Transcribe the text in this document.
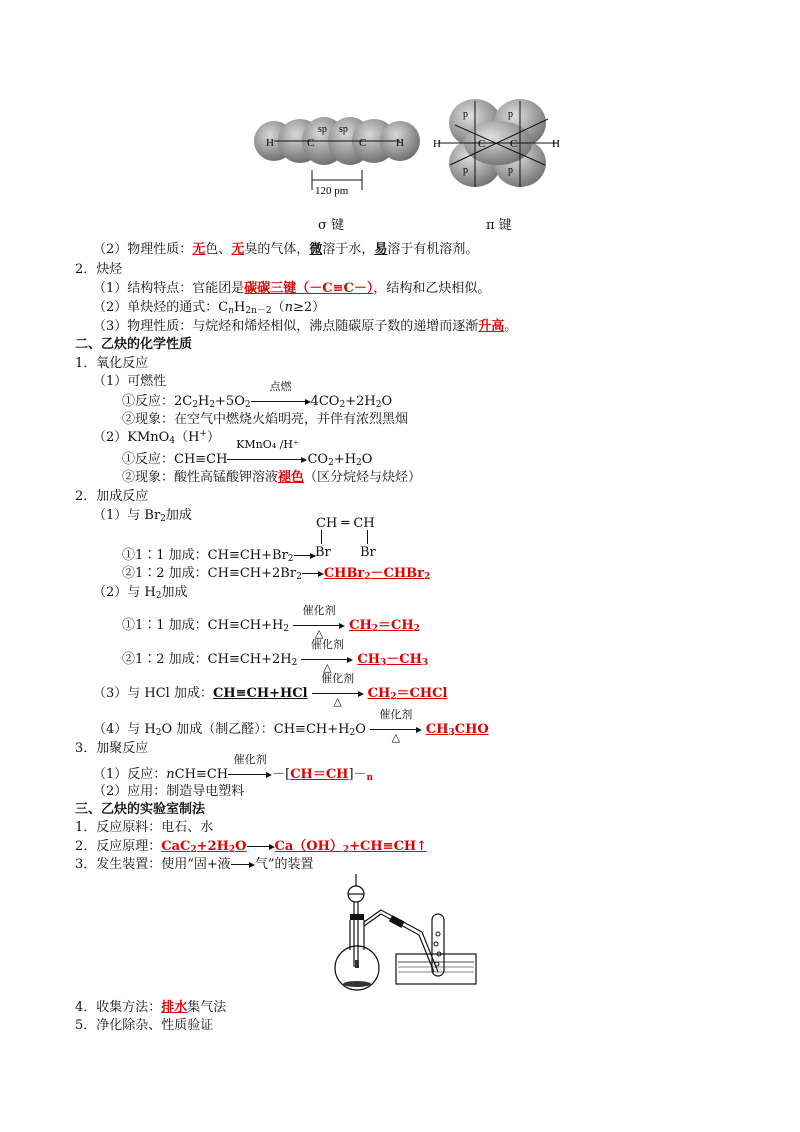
H	C	C	H
sp sp
120 pm
H	C C	H
p	p
p	p
σ 键	π 键
（2）物理性质：无色、无臭的气体，微溶于水，易溶于有机溶剂。
2．炔烃
（1）结构特点：官能团是碳碳三键（－C≡C－），结构和乙炔相似。
（2）单炔烃的通式：$C_nH_{2n-2}(n\ge 2)$
（3）物理性质：与烷烃和烯烃相似，沸点随碳原子数的递增而逐渐升高。
二、乙炔的化学性质
1．氧化反应
（1）可燃性
①反应：$2C_2H_2+5O_2$
点燃
$4CO_2+2H_2O$
②现象：在空气中燃烧火焰明亮，并伴有浓烈黑烟
（2）KMnO$_4$（H+）
①反应：CH≡CH
KMnO₄ /H⁺
$CO_2+H_2O$
②现象：酸性高锰酸钾溶液褪色（区分烷烃与炔烃）
2．加成反应
（1）与 $Br_2$加成
CH ═ CH
Br Br
①1∶1 加成：$CH\equiv CH+Br_2$
②1∶2 加成：$CH\equiv CH+2Br_2$ CHBr$_2$－CHBr$_2$
（2）与 $H_2$加成
①1∶1 加成：$CH\equiv CH+H_2$
催化剂
△
$CH_2=CH_2$
②1∶2 加成：$CH\equiv CH+2H_2$
催化剂
△
$CH_3-CH_3$
（3）与 HCl 加成：CH≡CH+HCl
催化剂
△
$CH_2=CHCl$
（4）与 $H_2O$ 加成（制乙醛）：$CH\equiv CH+H_2O$
催化剂
△
$CH_3CHO$
3．加聚反应
（1）反应：nCH≡CH
催化剂
$-[CH=CH]-_n$
（2）应用：制造导电塑料
三、乙炔的实验室制法
1．反应原料：电石、水
2．反应原理：$CaC_2+2H_2O$ $Ca(OH)_2+CH\equiv CH↑$
3．发生装置：使用“固+液 气”的装置
4．收集方法：排水集气法
5．净化除杂、性质验证
